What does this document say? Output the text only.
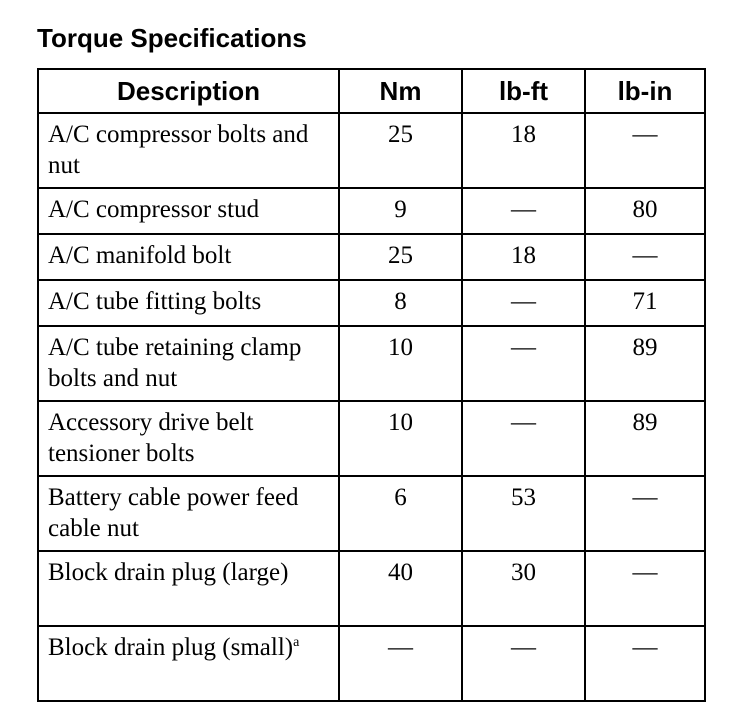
Torque Specifications
Description	Nm	lb-ft	lb-in
A/C compressor bolts and nut	25	18	—
A/C compressor stud	9	—	80
A/C manifold bolt	25	18	—
A/C tube fitting bolts	8	—	71
A/C tube retaining clamp bolts and nut	10	—	89
Accessory drive belt tensioner bolts	10	—	89
Battery cable power feed cable nut	6	53	—
Block drain plug (large)	40	30	—
Block drain plug (small)$^a$	—	—	—
